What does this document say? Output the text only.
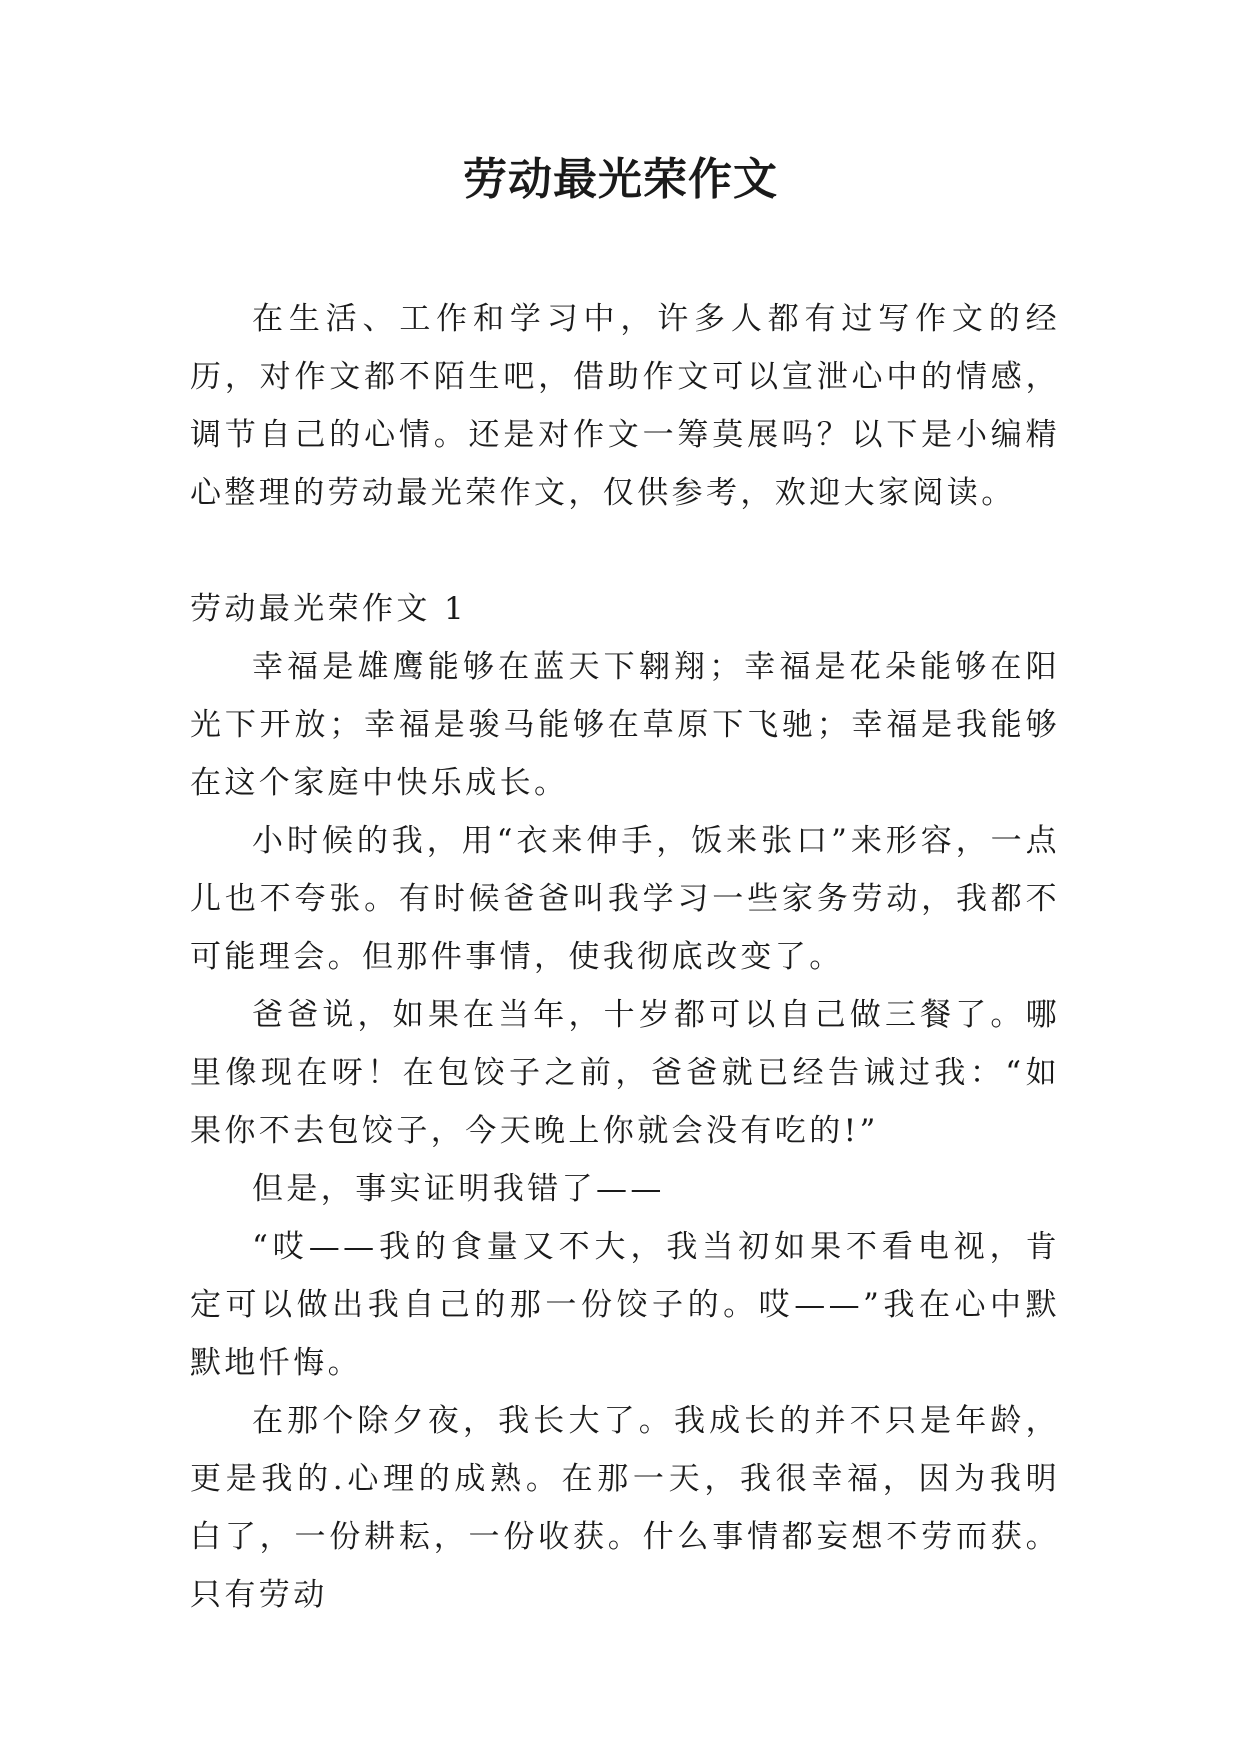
劳动最光荣作文

在生活、工作和学习中，许多人都有过写作文的经历，对作文都不陌生吧，借助作文可以宣泄心中的情感，调节自己的心情。还是对作文一筹莫展吗？以下是小编精心整理的劳动最光荣作文，仅供参考，欢迎大家阅读。

劳动最光荣作文 1

幸福是雄鹰能够在蓝天下翱翔；幸福是花朵能够在阳光下开放；幸福是骏马能够在草原下飞驰；幸福是我能够在这个家庭中快乐成长。

小时候的我，用“衣来伸手，饭来张口”来形容，一点儿也不夸张。有时候爸爸叫我学习一些家务劳动，我都不可能理会。但那件事情，使我彻底改变了。

爸爸说，如果在当年，十岁都可以自己做三餐了。哪里像现在呀！在包饺子之前，爸爸就已经告诫过我：“如果你不去包饺子，今天晚上你就会没有吃的!”

但是，事实证明我错了——

“哎——我的食量又不大，我当初如果不看电视，肯定可以做出我自己的那一份饺子的。哎——”我在心中默默地忏悔。

在那个除夕夜，我长大了。我成长的并不只是年龄，更是我的.心理的成熟。在那一天，我很幸福，因为我明白了，一份耕耘，一份收获。什么事情都妄想不劳而获。只有劳动
